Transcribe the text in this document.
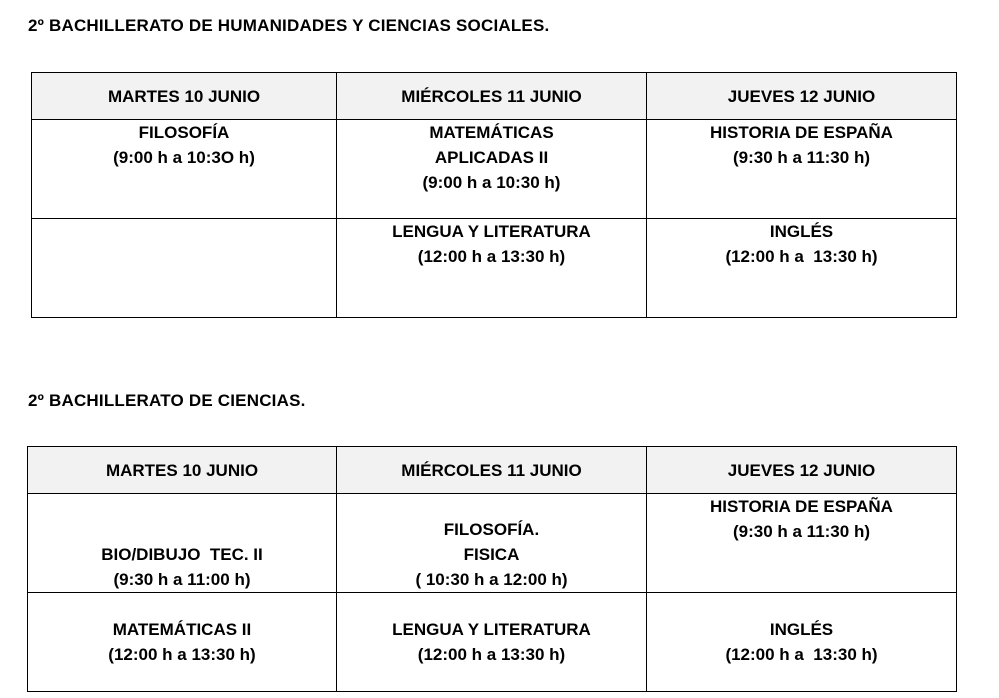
2º BACHILLERATO DE HUMANIDADES Y CIENCIAS SOCIALES.
MARTES 10 JUNIO	MIÉRCOLES 11 JUNIO	JUEVES 12 JUNIO

FILOSOFÍA
(9:00 h a 10:3O h)	MATEMÁTICAS
APLICADAS II
(9:00 h a 10:30 h)	HISTORIA DE ESPAÑA
(9:30 h a 11:30 h)

	LENGUA Y LITERATURA
(12:00 h a 13:30 h)	INGLÉS
(12:00 h a  13:30 h)
2º BACHILLERATO DE CIENCIAS.
MARTES 10 JUNIO	MIÉRCOLES 11 JUNIO	JUEVES 12 JUNIO

BIO/DIBUJO  TEC. II
(9:30 h a 11:00 h)	FILOSOFÍA.
FISICA
( 10:30 h a 12:00 h)	HISTORIA DE ESPAÑA
(9:30 h a 11:30 h)

MATEMÁTICAS II
(12:00 h a 13:30 h)	LENGUA Y LITERATURA
(12:00 h a 13:30 h)	INGLÉS
(12:00 h a  13:30 h)
